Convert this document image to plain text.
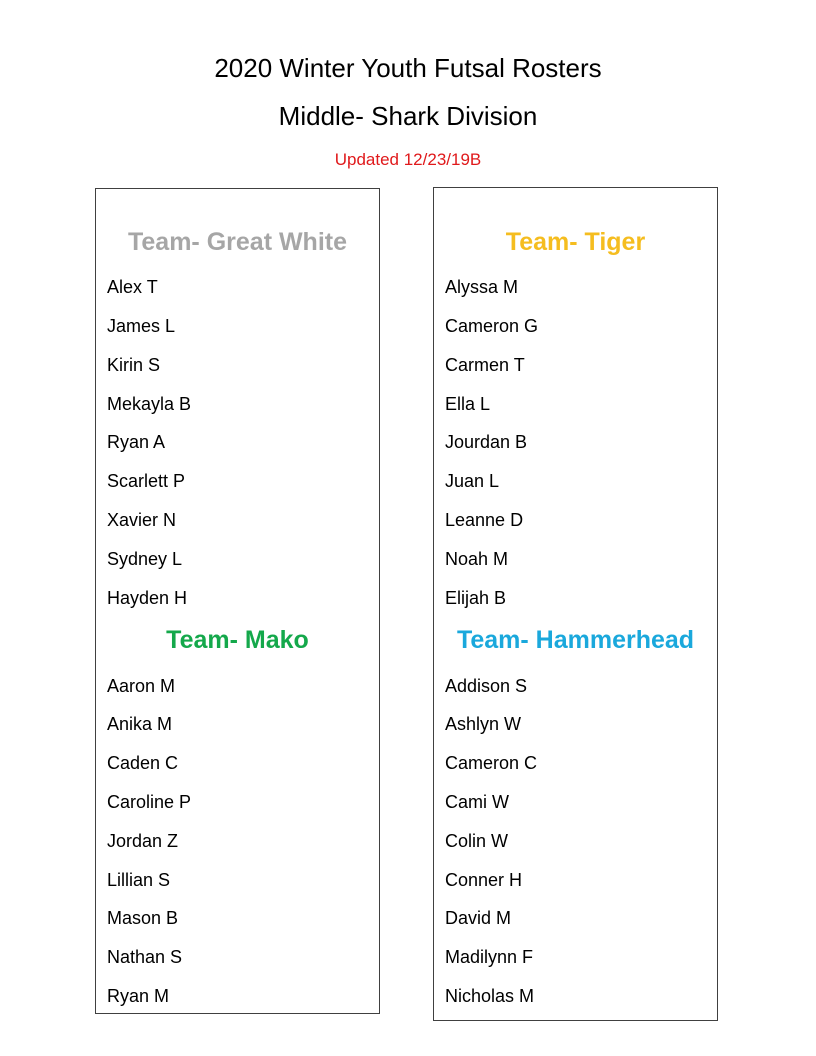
2020 Winter Youth Futsal Rosters
Middle- Shark Division
Updated 12/23/19B
Team- Great White
Alex T
James L
Kirin S
Mekayla B
Ryan A
Scarlett P
Xavier N
Sydney L
Hayden H
Team- Mako
Aaron M
Anika M
Caden C
Caroline P
Jordan Z
Lillian S
Mason B
Nathan S
Ryan M
Team- Tiger
Alyssa M
Cameron G
Carmen T
Ella L
Jourdan B
Juan L
Leanne D
Noah M
Elijah B
Team- Hammerhead
Addison S
Ashlyn W
Cameron C
Cami W
Colin W
Conner H
David M
Madilynn F
Nicholas M
